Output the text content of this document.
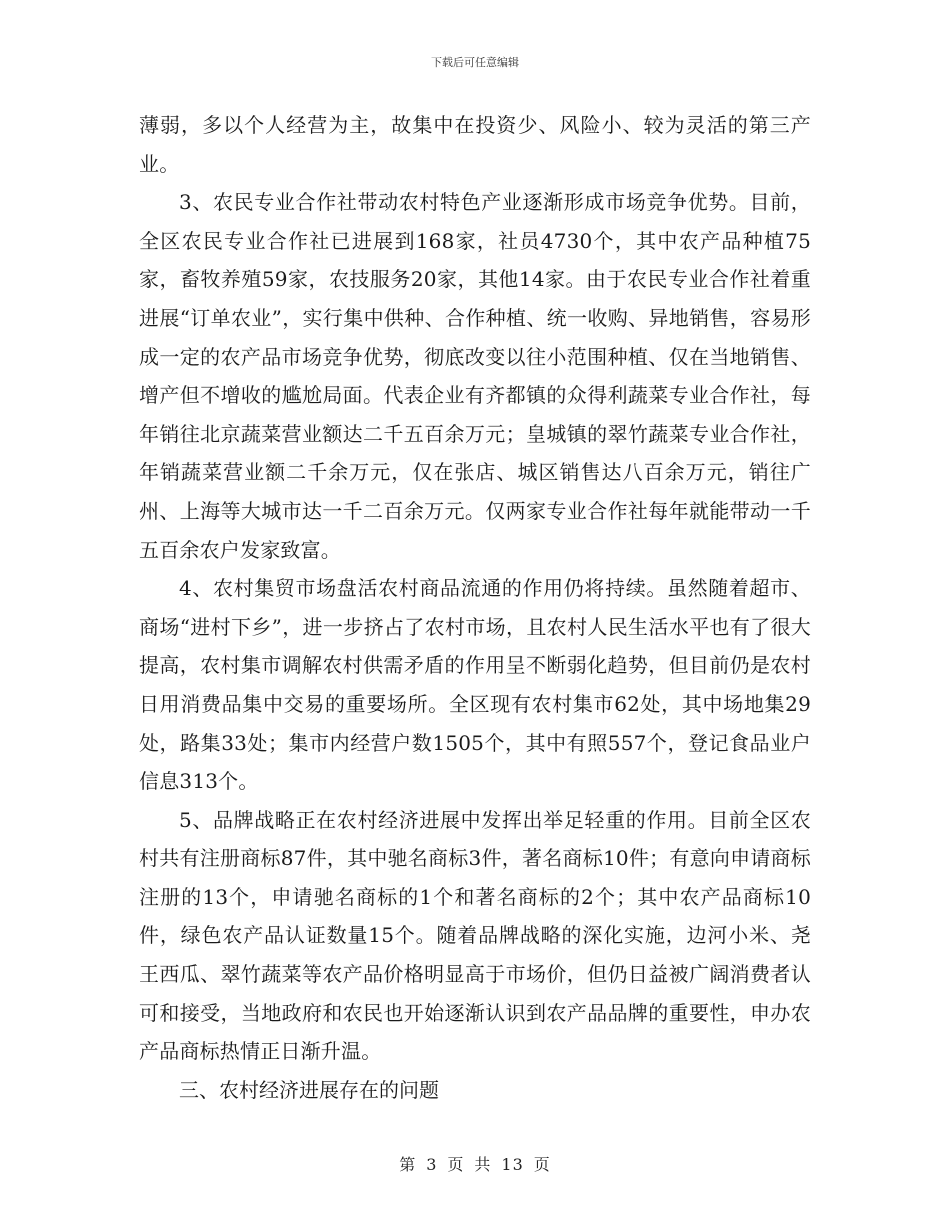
下载后可任意编辑

薄弱，多以个人经营为主，故集中在投资少、风险小、较为灵活的第三产业。

3、农民专业合作社带动农村特色产业逐渐形成市场竞争优势。目前，全区农民专业合作社已进展到168家，社员4730个，其中农产品种植75家，畜牧养殖59家，农技服务20家，其他14家。由于农民专业合作社着重进展“订单农业”，实行集中供种、合作种植、统一收购、异地销售，容易形成一定的农产品市场竞争优势，彻底改变以往小范围种植、仅在当地销售、增产但不增收的尴尬局面。代表企业有齐都镇的众得利蔬菜专业合作社，每年销往北京蔬菜营业额达二千五百余万元；皇城镇的翠竹蔬菜专业合作社，年销蔬菜营业额二千余万元，仅在张店、城区销售达八百余万元，销往广州、上海等大城市达一千二百余万元。仅两家专业合作社每年就能带动一千五百余农户发家致富。

4、农村集贸市场盘活农村商品流通的作用仍将持续。虽然随着超市、商场“进村下乡”，进一步挤占了农村市场，且农村人民生活水平也有了很大提高，农村集市调解农村供需矛盾的作用呈不断弱化趋势，但目前仍是农村日用消费品集中交易的重要场所。全区现有农村集市62处，其中场地集29处，路集33处；集市内经营户数1505个，其中有照557个，登记食品业户信息313个。

5、品牌战略正在农村经济进展中发挥出举足轻重的作用。目前全区农村共有注册商标87件，其中驰名商标3件，著名商标10件；有意向申请商标注册的13个，申请驰名商标的1个和著名商标的2个；其中农产品商标10件，绿色农产品认证数量15个。随着品牌战略的深化实施，边河小米、尧王西瓜、翠竹蔬菜等农产品价格明显高于市场价，但仍日益被广阔消费者认可和接受，当地政府和农民也开始逐渐认识到农产品品牌的重要性，申办农产品商标热情正日渐升温。

三、农村经济进展存在的问题

第 3 页 共 13 页
